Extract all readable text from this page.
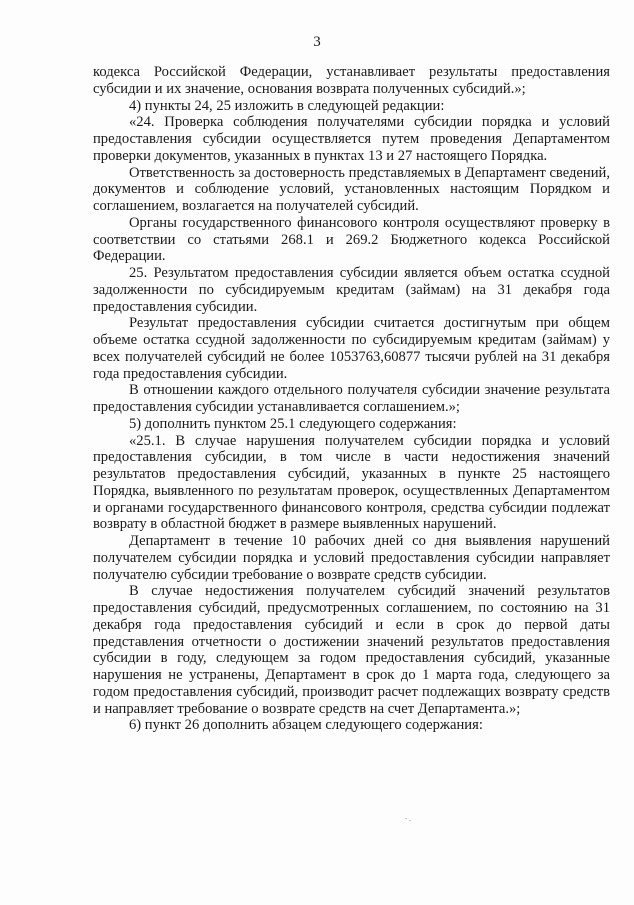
3

кодекса Российской Федерации, устанавливает результаты предоставления субсидии и их значение, основания возврата полученных субсидий.»;

4) пункты 24, 25 изложить в следующей редакции:

«24. Проверка соблюдения получателями субсидии порядка и условий предоставления субсидии осуществляется путем проведения Департаментом проверки документов, указанных в пунктах 13 и 27 настоящего Порядка.

Ответственность за достоверность представляемых в Департамент сведений, документов и соблюдение условий, установленных настоящим Порядком и соглашением, возлагается на получателей субсидий.

Органы государственного финансового контроля осуществляют проверку в соответствии со статьями 268.1 и 269.2 Бюджетного кодекса Российской Федерации.

25. Результатом предоставления субсидии является объем остатка ссудной задолженности по субсидируемым кредитам (займам) на 31 декабря года предоставления субсидии.

Результат предоставления субсидии считается достигнутым при общем объеме остатка ссудной задолженности по субсидируемым кредитам (займам) у всех получателей субсидий не более 1053763,60877 тысячи рублей на 31 декабря года предоставления субсидии.

В отношении каждого отдельного получателя субсидии значение результата предоставления субсидии устанавливается соглашением.»;

5) дополнить пунктом 25.1 следующего содержания:

«25.1. В случае нарушения получателем субсидии порядка и условий предоставления субсидии, в том числе в части недостижения значений результатов предоставления субсидий, указанных в пункте 25 настоящего Порядка, выявленного по результатам проверок, осуществленных Департаментом и органами государственного финансового контроля, средства субсидии подлежат возврату в областной бюджет в размере выявленных нарушений.

Департамент в течение 10 рабочих дней со дня выявления нарушений получателем субсидии порядка и условий предоставления субсидии направляет получателю субсидии требование о возврате средств субсидии.

В случае недостижения получателем субсидий значений результатов предоставления субсидий, предусмотренных соглашением, по состоянию на 31 декабря года предоставления субсидий и если в срок до первой даты представления отчетности о достижении значений результатов предоставления субсидии в году, следующем за годом предоставления субсидий, указанные нарушения не устранены, Департамент в срок до 1 марта года, следующего за годом предоставления субсидий, производит расчет подлежащих возврату средств и направляет требование о возврате средств на счет Департамента.»;

6) пункт 26 дополнить абзацем следующего содержания:
